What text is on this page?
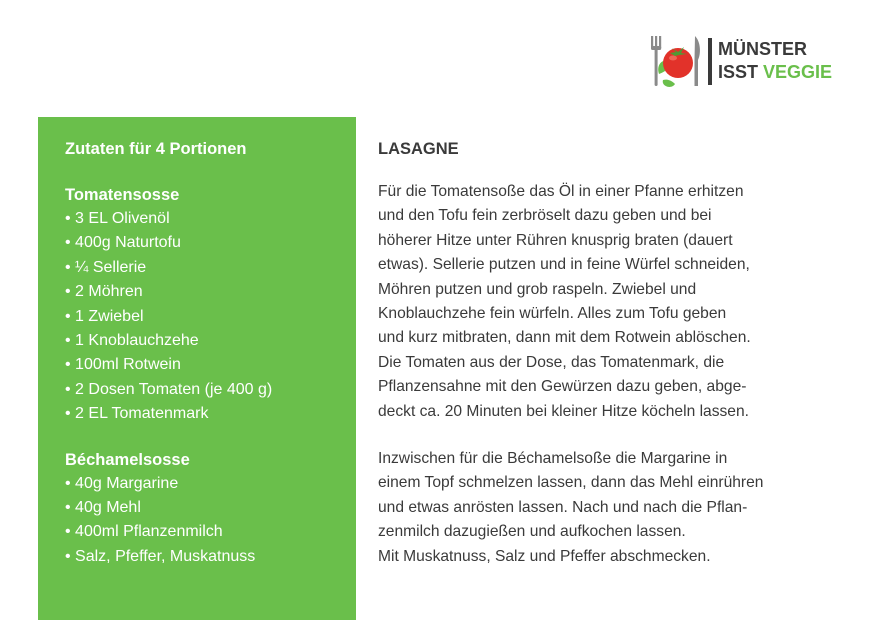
MÜNSTER
ISST VEGGIE
Zutaten für 4 Portionen
Tomatensosse
• 3 EL Olivenöl
• 400g Naturtofu
• ¼ Sellerie
• 2 Möhren
• 1 Zwiebel
• 1 Knoblauchzehe
• 100ml Rotwein
• 2 Dosen Tomaten (je 400 g)
• 2 EL Tomatenmark
Béchamelsosse
• 40g Margarine
• 40g Mehl
• 400ml Pflanzenmilch
• Salz, Pfeffer, Muskatnuss
LASAGNE

Für die Tomatensoße das Öl in einer Pfanne erhitzen
und den Tofu fein zerbröselt dazu geben und bei
höherer Hitze unter Rühren knusprig braten (dauert
etwas). Sellerie putzen und in feine Würfel schneiden,
Möhren putzen und grob raspeln. Zwiebel und
Knoblauchzehe fein würfeln. Alles zum Tofu geben
und kurz mitbraten, dann mit dem Rotwein ablöschen.
Die Tomaten aus der Dose, das Tomatenmark, die
Pflanzensahne mit den Gewürzen dazu geben, abge-
deckt ca. 20 Minuten bei kleiner Hitze köcheln lassen.

Inzwischen für die Béchamelsoße die Margarine in
einem Topf schmelzen lassen, dann das Mehl einrühren
und etwas anrösten lassen. Nach und nach die Pflan-
zenmilch dazugießen und aufkochen lassen.
Mit Muskatnuss, Salz und Pfeffer abschmecken.
